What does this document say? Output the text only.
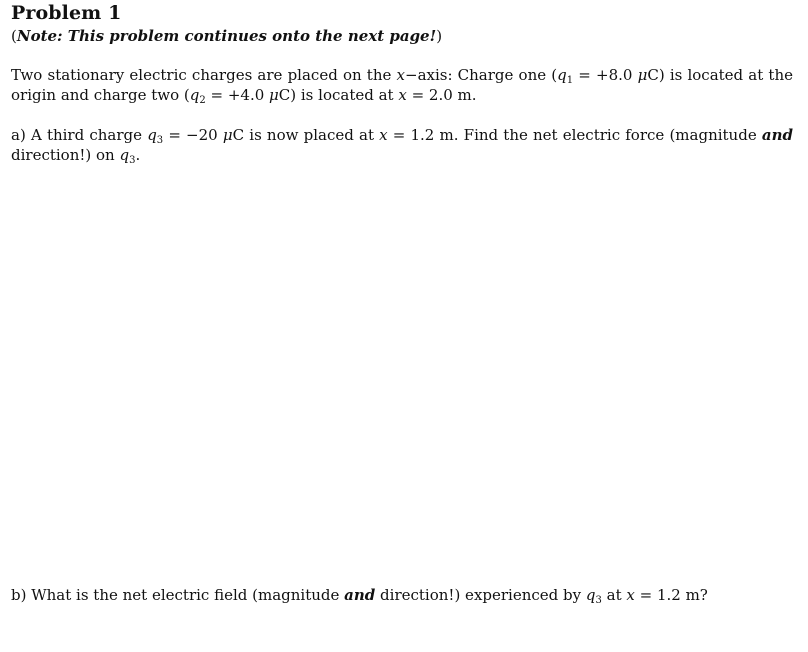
Problem 1
(Note: This problem continues onto the next page!)
Two stationary electric charges are placed on the x−axis: Charge one ($q_1 = +8.0$ μC) is located at the origin and charge two ($q_2 = +4.0$ μC) is located at x = 2.0 m.
a) A third charge $q_3 = -20$ μC is now placed at x = 1.2 m. Find the net electric force (magnitude and direction!) on $q_3$.
b) What is the net electric field (magnitude and direction!) experienced by $q_3$ at x = 1.2 m?
